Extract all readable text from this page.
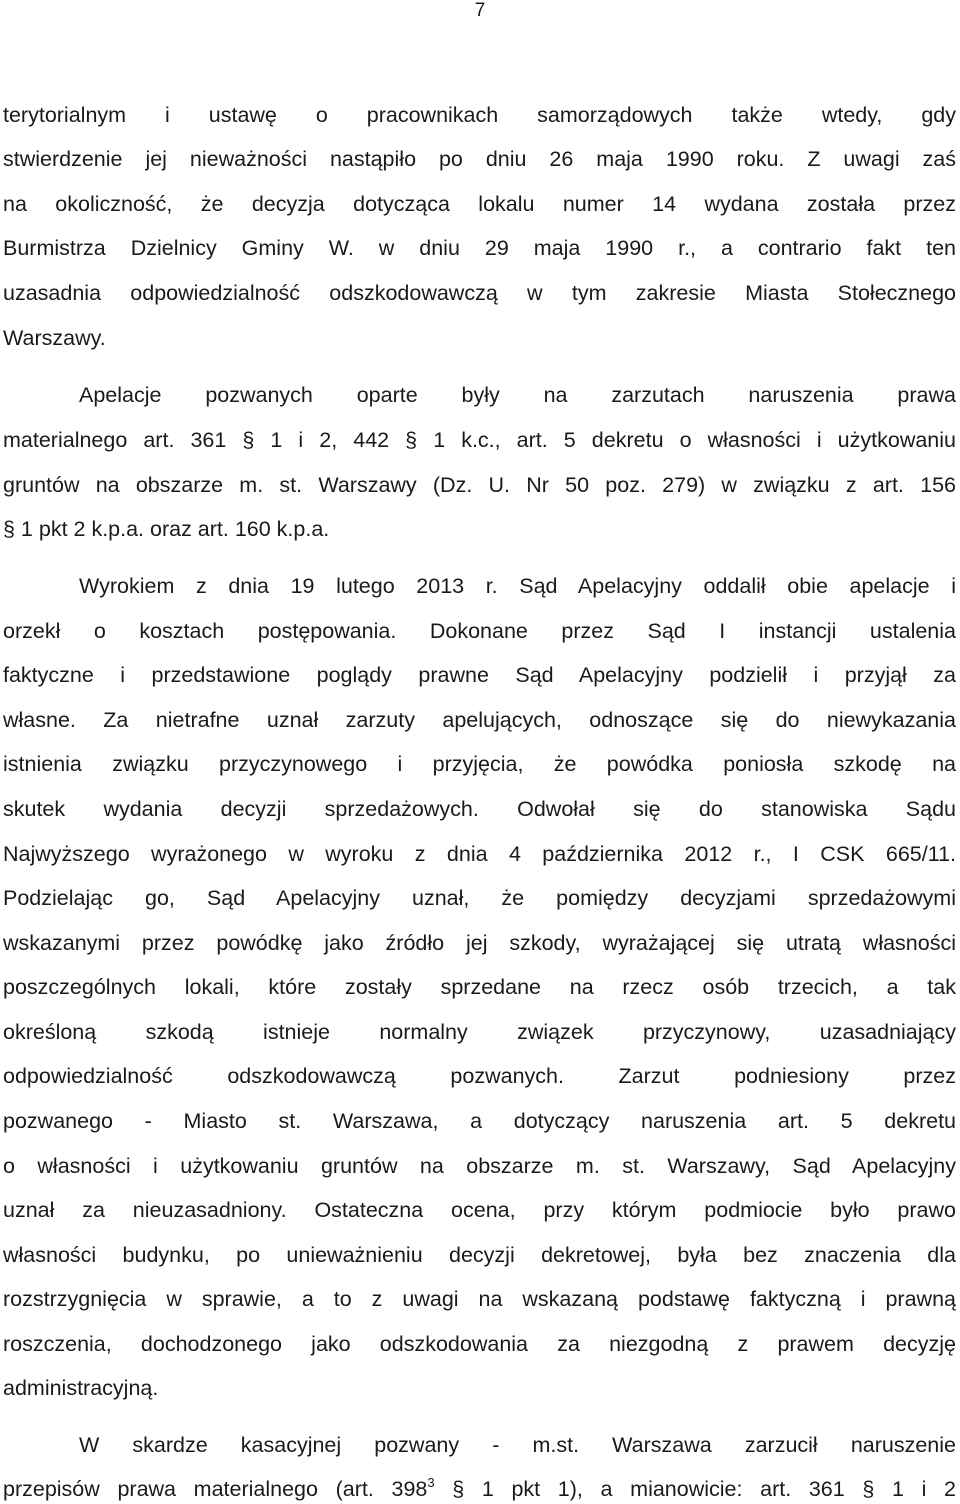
7
terytorialnym i ustawę o pracownikach samorządowych także wtedy, gdy
stwierdzenie jej nieważności nastąpiło po dniu 26 maja 1990 roku. Z uwagi zaś
na okoliczność, że decyzja dotycząca lokalu numer 14 wydana została przez
Burmistrza Dzielnicy Gminy W. w dniu 29 maja 1990 r., a contrario fakt ten
uzasadnia odpowiedzialność odszkodowawczą w tym zakresie Miasta Stołecznego
Warszawy.
Apelacje pozwanych oparte były na zarzutach naruszenia prawa
materialnego art. 361 § 1 i 2, 442 § 1 k.c., art. 5 dekretu o własności i użytkowaniu
gruntów na obszarze m. st. Warszawy (Dz. U. Nr 50 poz. 279) w związku z art. 156
§ 1 pkt 2 k.p.a. oraz art. 160 k.p.a.
Wyrokiem z dnia 19 lutego 2013 r. Sąd Apelacyjny oddalił obie apelacje i
orzekł o kosztach postępowania. Dokonane przez Sąd I instancji ustalenia
faktyczne i przedstawione poglądy prawne Sąd Apelacyjny podzielił i przyjął za
własne. Za nietrafne uznał zarzuty apelujących, odnoszące się do niewykazania
istnienia związku przyczynowego i przyjęcia, że powódka poniosła szkodę na
skutek wydania decyzji sprzedażowych. Odwołał się do stanowiska Sądu
Najwyższego wyrażonego w wyroku z dnia 4 października 2012 r., I CSK 665/11.
Podzielając go, Sąd Apelacyjny uznał, że pomiędzy decyzjami sprzedażowymi
wskazanymi przez powódkę jako źródło jej szkody, wyrażającej się utratą własności
poszczególnych lokali, które zostały sprzedane na rzecz osób trzecich, a tak
określoną szkodą istnieje normalny związek przyczynowy, uzasadniający
odpowiedzialność odszkodowawczą pozwanych. Zarzut podniesiony przez
pozwanego - Miasto st. Warszawa, a dotyczący naruszenia art. 5 dekretu
o własności i użytkowaniu gruntów na obszarze m. st. Warszawy, Sąd Apelacyjny
uznał za nieuzasadniony. Ostateczna ocena, przy którym podmiocie było prawo
własności budynku, po unieważnieniu decyzji dekretowej, była bez znaczenia dla
rozstrzygnięcia w sprawie, a to z uwagi na wskazaną podstawę faktyczną i prawną
roszczenia, dochodzonego jako odszkodowania za niezgodną z prawem decyzję
administracyjną.
W skardze kasacyjnej pozwany - m.st. Warszawa zarzucił naruszenie
przepisów prawa materialnego (art. $398^3$ § 1 pkt 1), a mianowicie: art. 361 § 1 i 2
